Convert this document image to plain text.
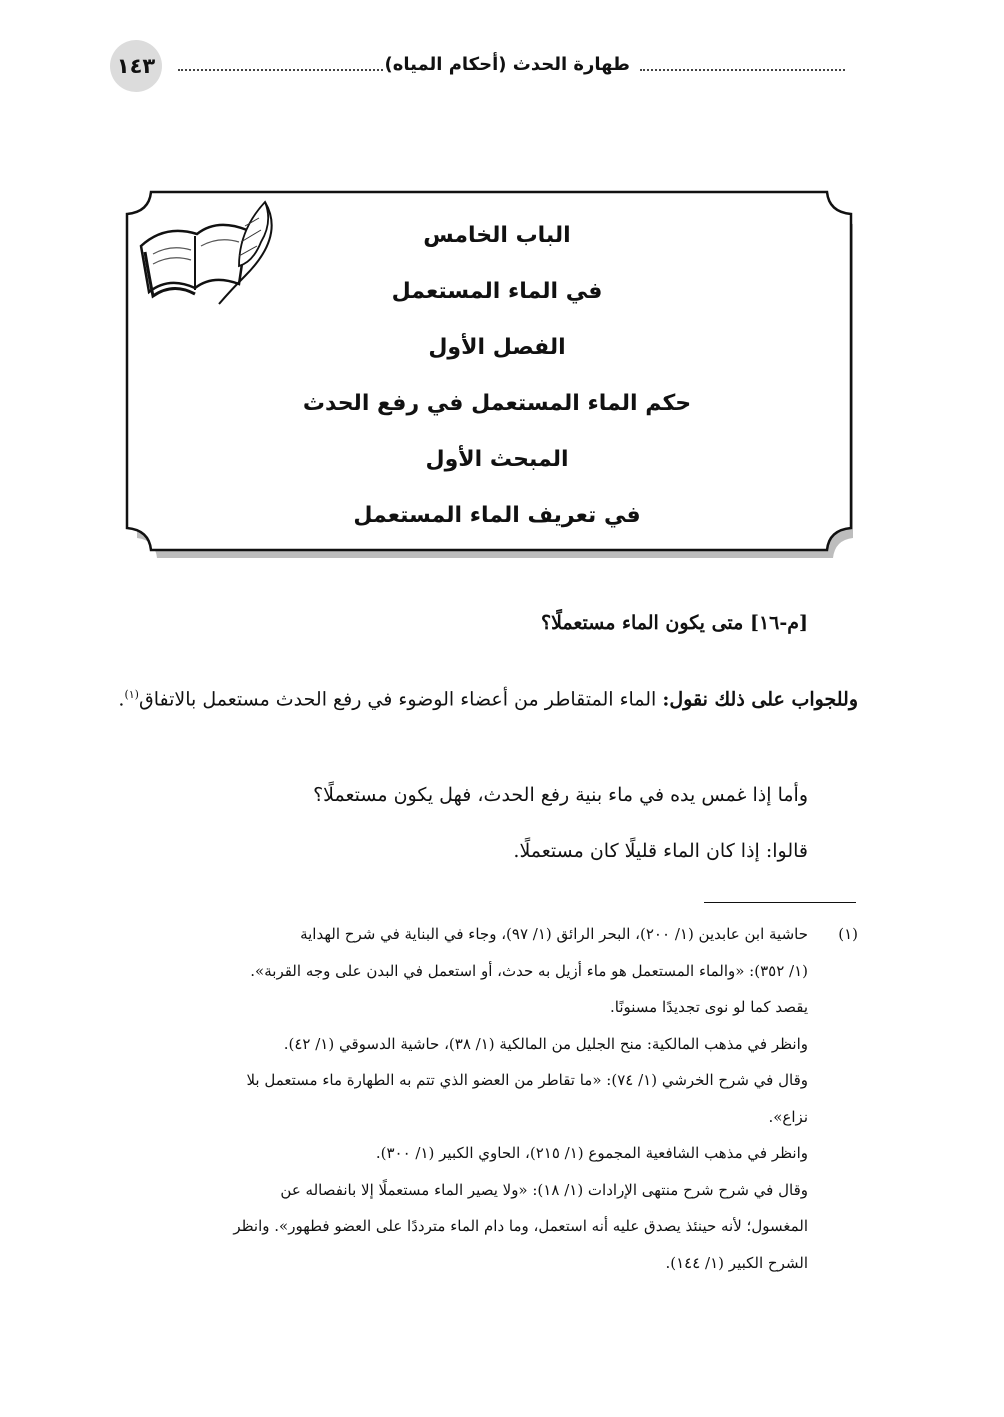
١٤٣	طهارة الحدث (أحكام المياه)
الباب الخامس
في الماء المستعمل
الفصل الأول
حكم الماء المستعمل في رفع الحدث
المبحث الأول
في تعريف الماء المستعمل
[م-١٦] متى يكون الماء مستعملًا؟
وللجواب على ذلك نقول: الماء المتقاطر من أعضاء الوضوء في رفع الحدث مستعمل بالاتفاق$^{(١)}$.
وأما إذا غمس يده في ماء بنية رفع الحدث، فهل يكون مستعملًا؟
قالوا: إذا كان الماء قليلًا كان مستعملًا.
(١)
حاشية ابن عابدين (١/ ٢٠٠)، البحر الرائق (١/ ٩٧)، وجاء في البناية في شرح الهداية
(١/ ٣٥٢): «والماء المستعمل هو ماء أزيل به حدث، أو استعمل في البدن على وجه القربة».
يقصد كما لو نوى تجديدًا مسنونًا.
وانظر في مذهب المالكية: منح الجليل من المالكية (١/ ٣٨)، حاشية الدسوقي (١/ ٤٢).
وقال في شرح الخرشي (١/ ٧٤): «ما تقاطر من العضو الذي تتم به الطهارة ماء مستعمل بلا
نزاع».
وانظر في مذهب الشافعية المجموع (١/ ٢١٥)، الحاوي الكبير (١/ ٣٠٠).
وقال في شرح شرح منتهى الإرادات (١/ ١٨): «ولا يصير الماء مستعملًا إلا بانفصاله عن
المغسول؛ لأنه حينئذ يصدق عليه أنه استعمل، وما دام الماء مترددًا على العضو فطهور». وانظر
الشرح الكبير (١/ ١٤٤).
